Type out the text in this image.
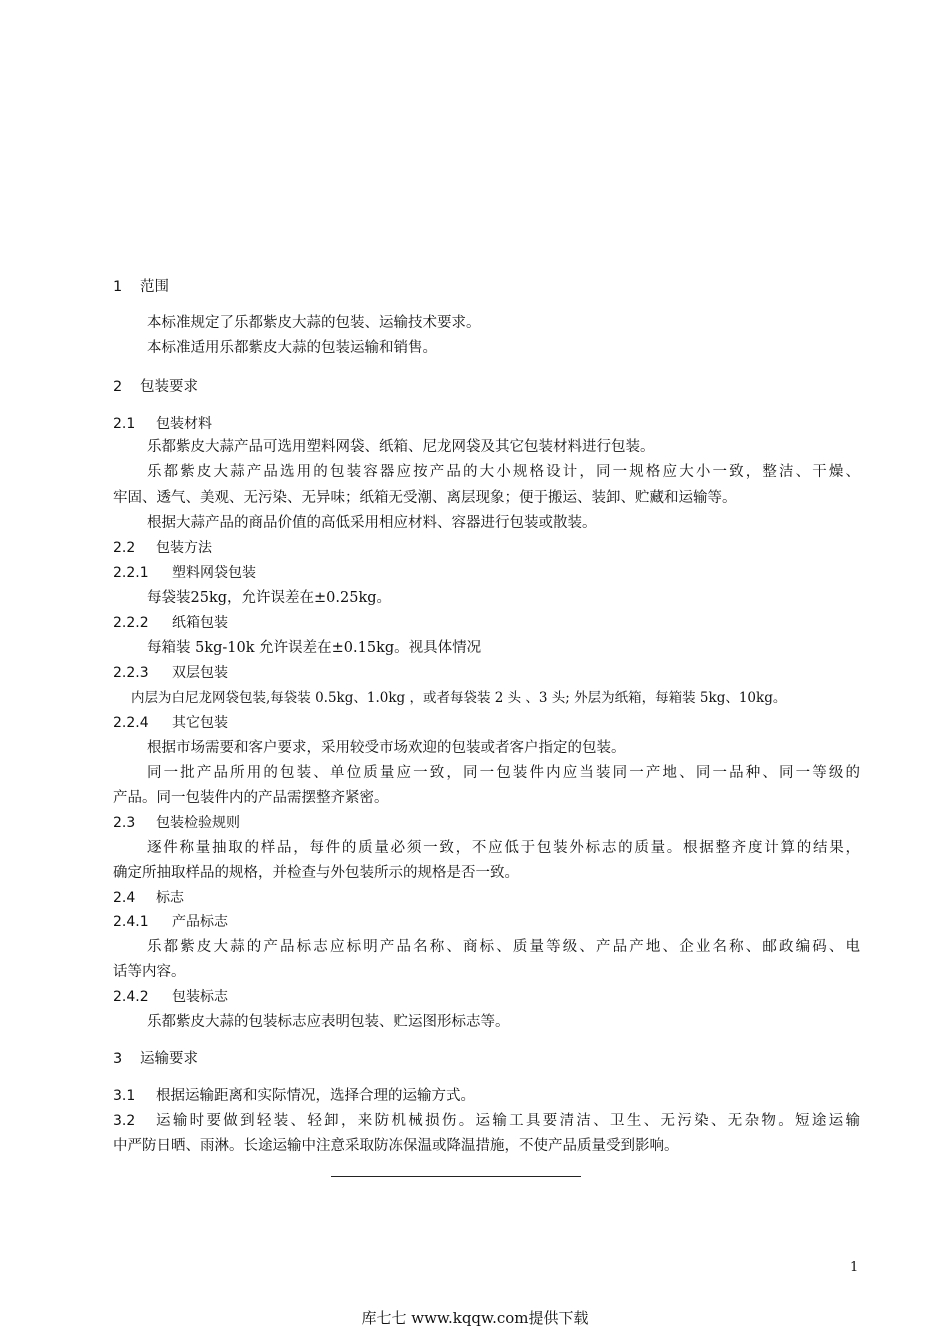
1 范围
本标准规定了乐都紫皮大蒜的包装、运输技术要求。
本标准适用乐都紫皮大蒜的包装运输和销售。
2 包装要求
2.1 包装材料
乐都紫皮大蒜产品可选用塑料网袋、纸箱、尼龙网袋及其它包装材料进行包装。
乐都紫皮大蒜产品选用的包装容器应按产品的大小规格设计，同一规格应大小一致，整洁、干燥、
牢固、透气、美观、无污染、无异味；纸箱无受潮、离层现象；便于搬运、装卸、贮藏和运输等。
根据大蒜产品的商品价值的高低采用相应材料、容器进行包装或散装。
2.2 包装方法
2.2.1 塑料网袋包装
每袋装25kg，允许误差在±0.25kg。
2.2.2 纸箱包装
每箱装 5kg-10k 允许误差在±0.15kg。视具体情况
2.2.3 双层包装
内层为白尼龙网袋包装,每袋装 0.5kg、1.0kg ，或者每袋装 2 头 、3 头; 外层为纸箱，每箱装 5kg、10kg。
2.2.4 其它包装
根据市场需要和客户要求，采用较受市场欢迎的包装或者客户指定的包装。
同一批产品所用的包装、单位质量应一致，同一包装件内应当装同一产地、同一品种、同一等级的
产品。同一包装件内的产品需摆整齐紧密。
2.3 包装检验规则
逐件称量抽取的样品，每件的质量必须一致，不应低于包装外标志的质量。根据整齐度计算的结果，
确定所抽取样品的规格，并检查与外包装所示的规格是否一致。
2.4 标志
2.4.1 产品标志
乐都紫皮大蒜的产品标志应标明产品名称、商标、质量等级、产品产地、企业名称、邮政编码、电
话等内容。
2.4.2 包装标志
乐都紫皮大蒜的包装标志应表明包装、贮运图形标志等。
3 运输要求
3.1 根据运输距离和实际情况，选择合理的运输方式。
3.2	运输时要做到轻装、轻卸，来防机械损伤。运输工具要清洁、卫生、无污染、无杂物。短途运输
中严防日晒、雨淋。长途运输中注意采取防冻保温或降温措施，不使产品质量受到影响。
1
库七七 www.kqqw.com提供下载
